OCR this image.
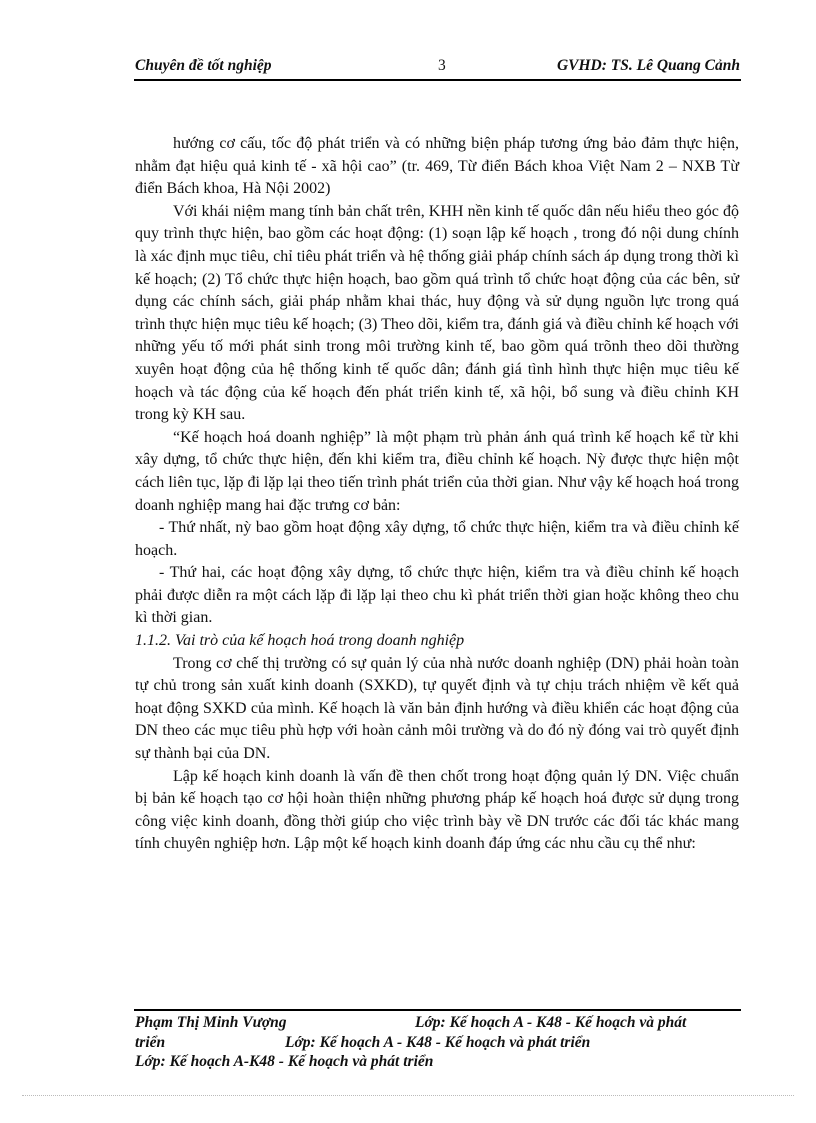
Chuyên đề tốt nghiệp	3	GVHD: TS. Lê Quang Cảnh

hướng cơ cấu, tốc độ phát triển và có những biện pháp tương ứng bảo đảm thực hiện, nhằm đạt hiệu quả kinh tế - xã hội cao” (tr. 469, Từ điển Bách khoa Việt Nam 2 – NXB Từ điển Bách khoa, Hà Nội 2002)

Với khái niệm mang tính bản chất trên, KHH nền kinh tế quốc dân nếu hiểu theo góc độ quy trình thực hiện, bao gồm các hoạt động: (1) soạn lập kế hoạch , trong đó nội dung chính là xác định mục tiêu, chỉ tiêu phát triển và hệ thống giải pháp chính sách áp dụng trong thời kì kế hoạch; (2) Tổ chức thực hiện hoạch, bao gồm quá trình tổ chức hoạt động của các bên, sử dụng các chính sách, giải pháp nhằm khai thác, huy động và sử dụng nguồn lực trong quá trình thực hiện mục tiêu kế hoạch; (3) Theo dõi, kiểm tra, đánh giá và điều chỉnh kế hoạch với những yếu tố mới phát sinh trong môi trường kinh tế, bao gồm quá trõnh theo dõi thường xuyên hoạt động của hệ thống kinh tế quốc dân; đánh giá tình hình thực hiện mục tiêu kế hoạch và tác động của kế hoạch đến phát triển kinh tế, xã hội, bổ sung và điều chỉnh KH trong kỳ KH sau.

“Kế hoạch hoá doanh nghiệp” là một phạm trù phản ánh quá trình kế hoạch kể từ khi xây dựng, tổ chức thực hiện, đến khi kiểm tra, điều chỉnh kế hoạch. Nỳ được thực hiện một cách liên tục, lặp đi lặp lại theo tiến trình phát triển của thời gian. Như vậy kế hoạch hoá trong doanh nghiệp mang hai đặc trưng cơ bản:

- Thứ nhất, nỳ bao gồm hoạt động xây dựng, tổ chức thực hiện, kiểm tra và điều chỉnh kế hoạch.

- Thứ hai, các hoạt động xây dựng, tổ chức thực hiện, kiểm tra và điều chỉnh kế hoạch phải được diễn ra một cách lặp đi lặp lại theo chu kì phát triển thời gian hoặc không theo chu kì thời gian.

1.1.2. Vai trò của kế hoạch hoá trong doanh nghiệp

Trong cơ chế thị trường có sự quản lý của nhà nước doanh nghiệp (DN) phải hoàn toàn tự chủ trong sản xuất kinh doanh (SXKD), tự quyết định và tự chịu trách nhiệm về kết quả hoạt động SXKD của mình. Kế hoạch là văn bản định hướng và điều khiển các hoạt động của DN theo các mục tiêu phù hợp với hoàn cảnh môi trường và do đó nỳ đóng vai trò quyết định sự thành bại của DN.

Lập kế hoạch kinh doanh là vấn đề then chốt trong hoạt động quản lý DN. Việc chuẩn bị bản kế hoạch tạo cơ hội hoàn thiện những phương pháp kế hoạch hoá được sử dụng trong công việc kinh doanh, đồng thời giúp cho việc trình bày về DN trước các đối tác khác mang tính chuyên nghiệp hơn. Lập một kế hoạch kinh doanh đáp ứng các nhu cầu cụ thể như:

Phạm Thị Minh Vượng	Lớp: Kế hoạch A - K48 - Kế hoạch và phát
triển	Lớp: Kế hoạch A - K48 - Kế hoạch và phát triển
Lớp: Kế hoạch A-K48 - Kế hoạch và phát triển
